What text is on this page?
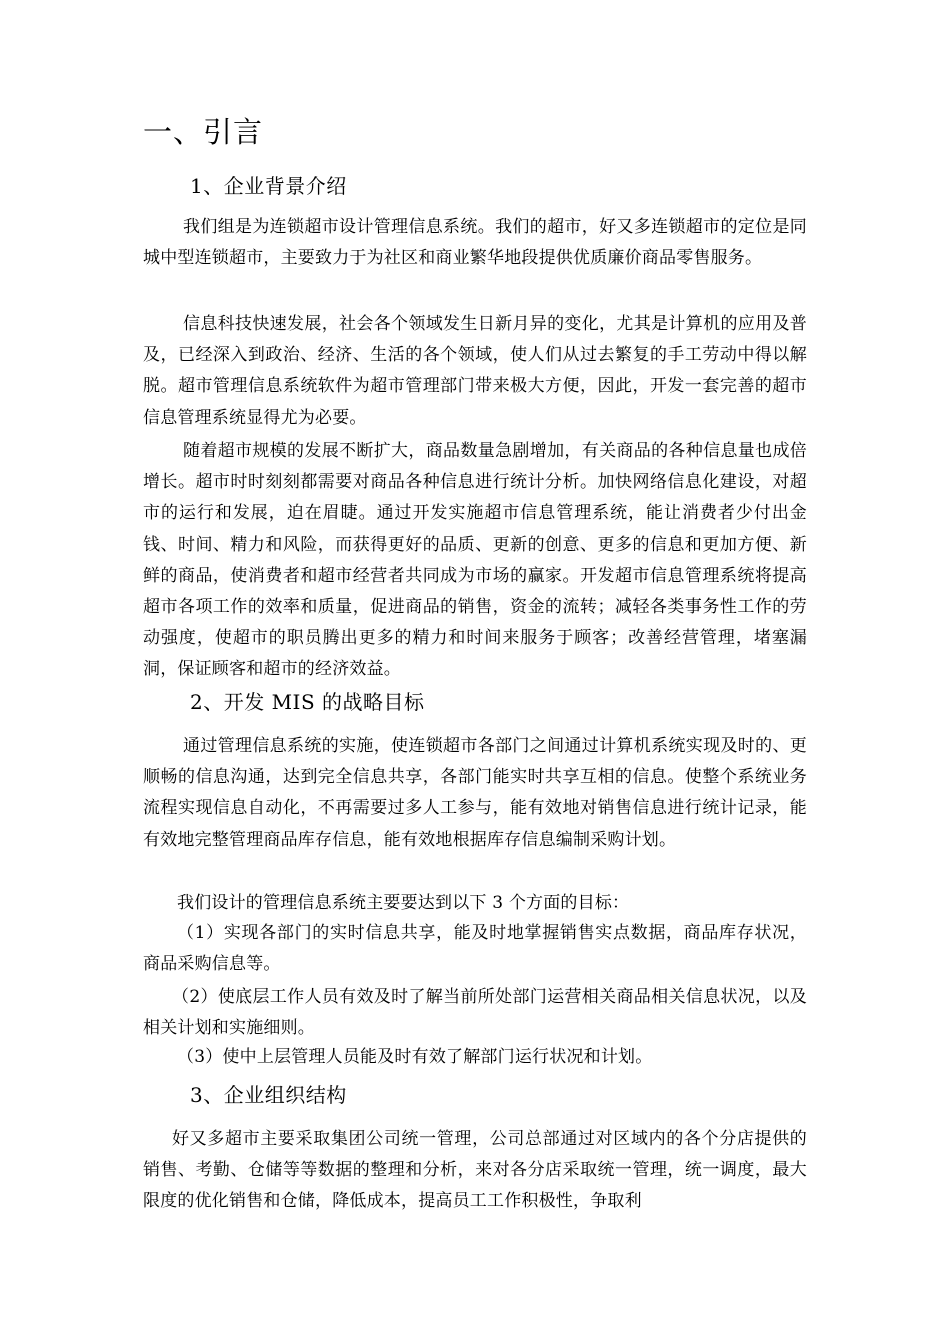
一、引言
1、企业背景介绍
我们组是为连锁超市设计管理信息系统。我们的超市，好又多连锁超市的定位是同城中型连锁超市，主要致力于为社区和商业繁华地段提供优质廉价商品零售服务。
信息科技快速发展，社会各个领域发生日新月异的变化，尤其是计算机的应用及普及，已经深入到政治、经济、生活的各个领域，使人们从过去繁复的手工劳动中得以解脱。超市管理信息系统软件为超市管理部门带来极大方便，因此，开发一套完善的超市信息管理系统显得尤为必要。
随着超市规模的发展不断扩大，商品数量急剧增加，有关商品的各种信息量也成倍增长。超市时时刻刻都需要对商品各种信息进行统计分析。加快网络信息化建设，对超市的运行和发展，迫在眉睫。通过开发实施超市信息管理系统，能让消费者少付出金钱、时间、精力和风险，而获得更好的品质、更新的创意、更多的信息和更加方便、新鲜的商品，使消费者和超市经营者共同成为市场的赢家。开发超市信息管理系统将提高超市各项工作的效率和质量，促进商品的销售，资金的流转；减轻各类事务性工作的劳动强度，使超市的职员腾出更多的精力和时间来服务于顾客；改善经营管理，堵塞漏洞，保证顾客和超市的经济效益。
2、开发 MIS 的战略目标
通过管理信息系统的实施，使连锁超市各部门之间通过计算机系统实现及时的、更顺畅的信息沟通，达到完全信息共享，各部门能实时共享互相的信息。使整个系统业务流程实现信息自动化，不再需要过多人工参与，能有效地对销售信息进行统计记录，能有效地完整管理商品库存信息，能有效地根据库存信息编制采购计划。
我们设计的管理信息系统主要要达到以下 3 个方面的目标：
（1）实现各部门的实时信息共享，能及时地掌握销售实点数据，商品库存状况，商品采购信息等。
（2）使底层工作人员有效及时了解当前所处部门运营相关商品相关信息状况，以及相关计划和实施细则。
（3）使中上层管理人员能及时有效了解部门运行状况和计划。
3、企业组织结构
好又多超市主要采取集团公司统一管理，公司总部通过对区域内的各个分店提供的销售、考勤、仓储等等数据的整理和分析，来对各分店采取统一管理，统一调度，最大限度的优化销售和仓储，降低成本，提高员工工作积极性，争取利
